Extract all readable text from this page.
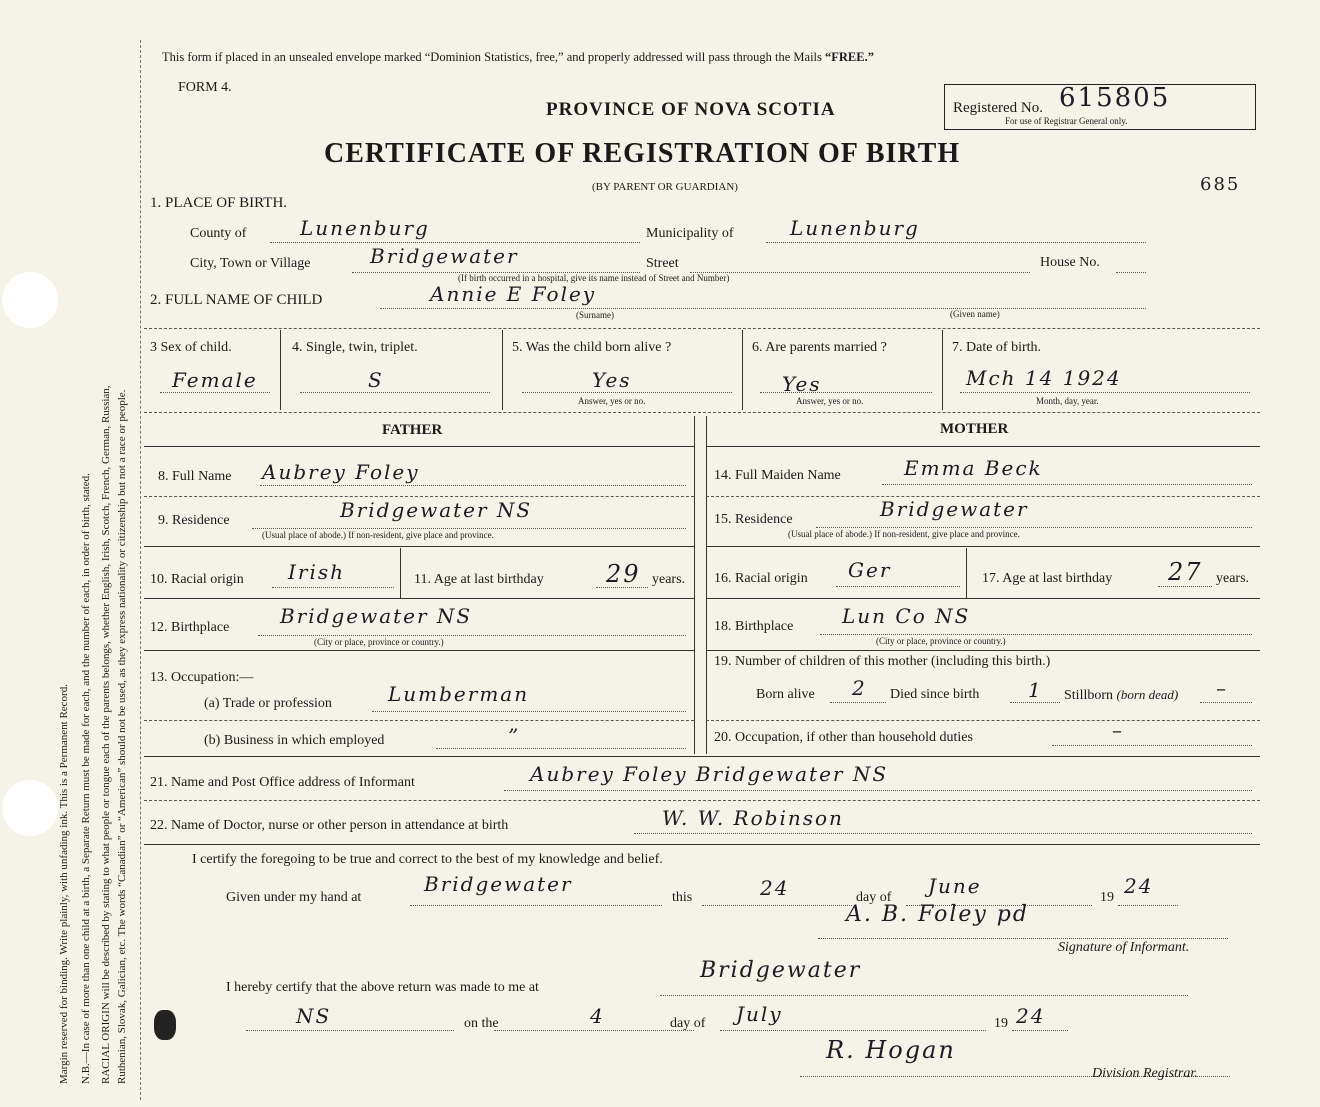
Margin reserved for binding. Write plainly, with unfading ink. This is a Permanent Record. N.B.—In case of more than one child at a birth, a Separate Return must be made for each, and the number of each, in order of birth, stated. RACIAL ORIGIN will be described by stating to what people or tongue each of the parents belongs, whether English, Irish, Scotch, French, German, Russian, Ruthenian, Slovak, Galician, etc. The words “Canadian” or “American” should not be used, as they express nationality or citizenship but not a race or people.
This form if placed in an unsealed envelope marked “Dominion Statistics, free,” and properly addressed will pass through the Mails “FREE.”
FORM 4.
PROVINCE OF NOVA SCOTIA	Registered No. 615805
For use of Registrar General only.
CERTIFICATE OF REGISTRATION OF BIRTH
(BY PARENT OR GUARDIAN)	685
1. PLACE OF BIRTH.
County of	Lunenburg	Municipality of	Lunenburg
City, Town or Village	Bridgewater	Street	House No.
(If birth occurred in a hospital, give its name instead of Street and Number)
2. FULL NAME OF CHILD	Annie E Foley
(Surname)	(Given name)
3 Sex of child.
Female
4. Single, twin, triplet.
S
5. Was the child born alive ?
Yes
Answer, yes or no.
6. Are parents married ?
Yes
Answer, yes or no.
7. Date of birth.
Mch 14 1924
Month, day, year.
FATHER	MOTHER
8. Full Name Aubrey Foley	14. Full Maiden Name	Emma Beck
9. Residence	Bridgewater NS
(Usual place of abode.) If non-resident, give place and province.
15. Residence	Bridgewater
(Usual place of abode.) If non-resident, give place and province.
10. Racial origin Irish	11. Age at last birthday	29 years. 16. Racial origin Ger	17. Age at last birthday 27 years.
12. Birthplace	Bridgewater NS
(City or place, province or country.)
18. Birthplace Lun Co NS
(City or place, province or country.)
13. Occupation:—
(a) Trade or profession	Lumberman
(b) Business in which employed	”
19. Number of children of this mother (including this birth.)
Born alive 2 Died since birth 1 Stillborn (born dead) –
20. Occupation, if other than household duties	–
21. Name and Post Office address of Informant	Aubrey Foley Bridgewater NS
22. Name of Doctor, nurse or other person in attendance at birth	W. W. Robinson
I certify the foregoing to be true and correct to the best of my knowledge and belief.
Given under my hand at
Bridgewater
this	24	day of June	19 24
A. B. Foley pd
Signature of Informant.
I hereby certify that the above return was made to me at
Bridgewater
NS	on the	4	day of July	19 24
R. Hogan
Division Registrar.
